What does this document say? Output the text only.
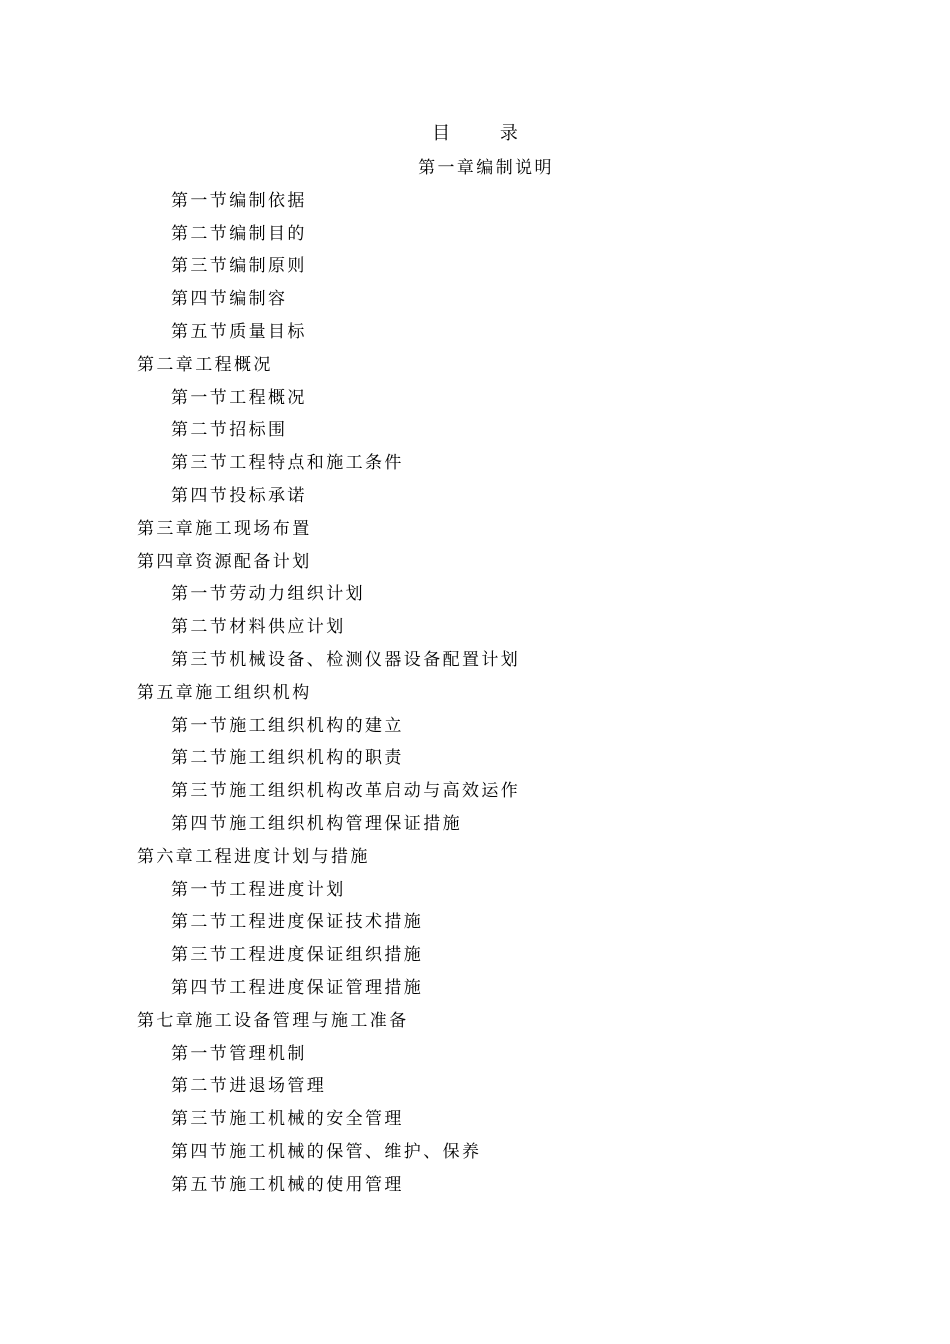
目 录
第一章编制说明
第一节编制依据
第二节编制目的
第三节编制原则
第四节编制容
第五节质量目标
第二章工程概况
第一节工程概况
第二节招标围
第三节工程特点和施工条件
第四节投标承诺
第三章施工现场布置
第四章资源配备计划
第一节劳动力组织计划
第二节材料供应计划
第三节机械设备、检测仪器设备配置计划
第五章施工组织机构
第一节施工组织机构的建立
第二节施工组织机构的职责
第三节施工组织机构改革启动与高效运作
第四节施工组织机构管理保证措施
第六章工程进度计划与措施
第一节工程进度计划
第二节工程进度保证技术措施
第三节工程进度保证组织措施
第四节工程进度保证管理措施
第七章施工设备管理与施工准备
第一节管理机制
第二节进退场管理
第三节施工机械的安全管理
第四节施工机械的保管、维护、保养
第五节施工机械的使用管理
